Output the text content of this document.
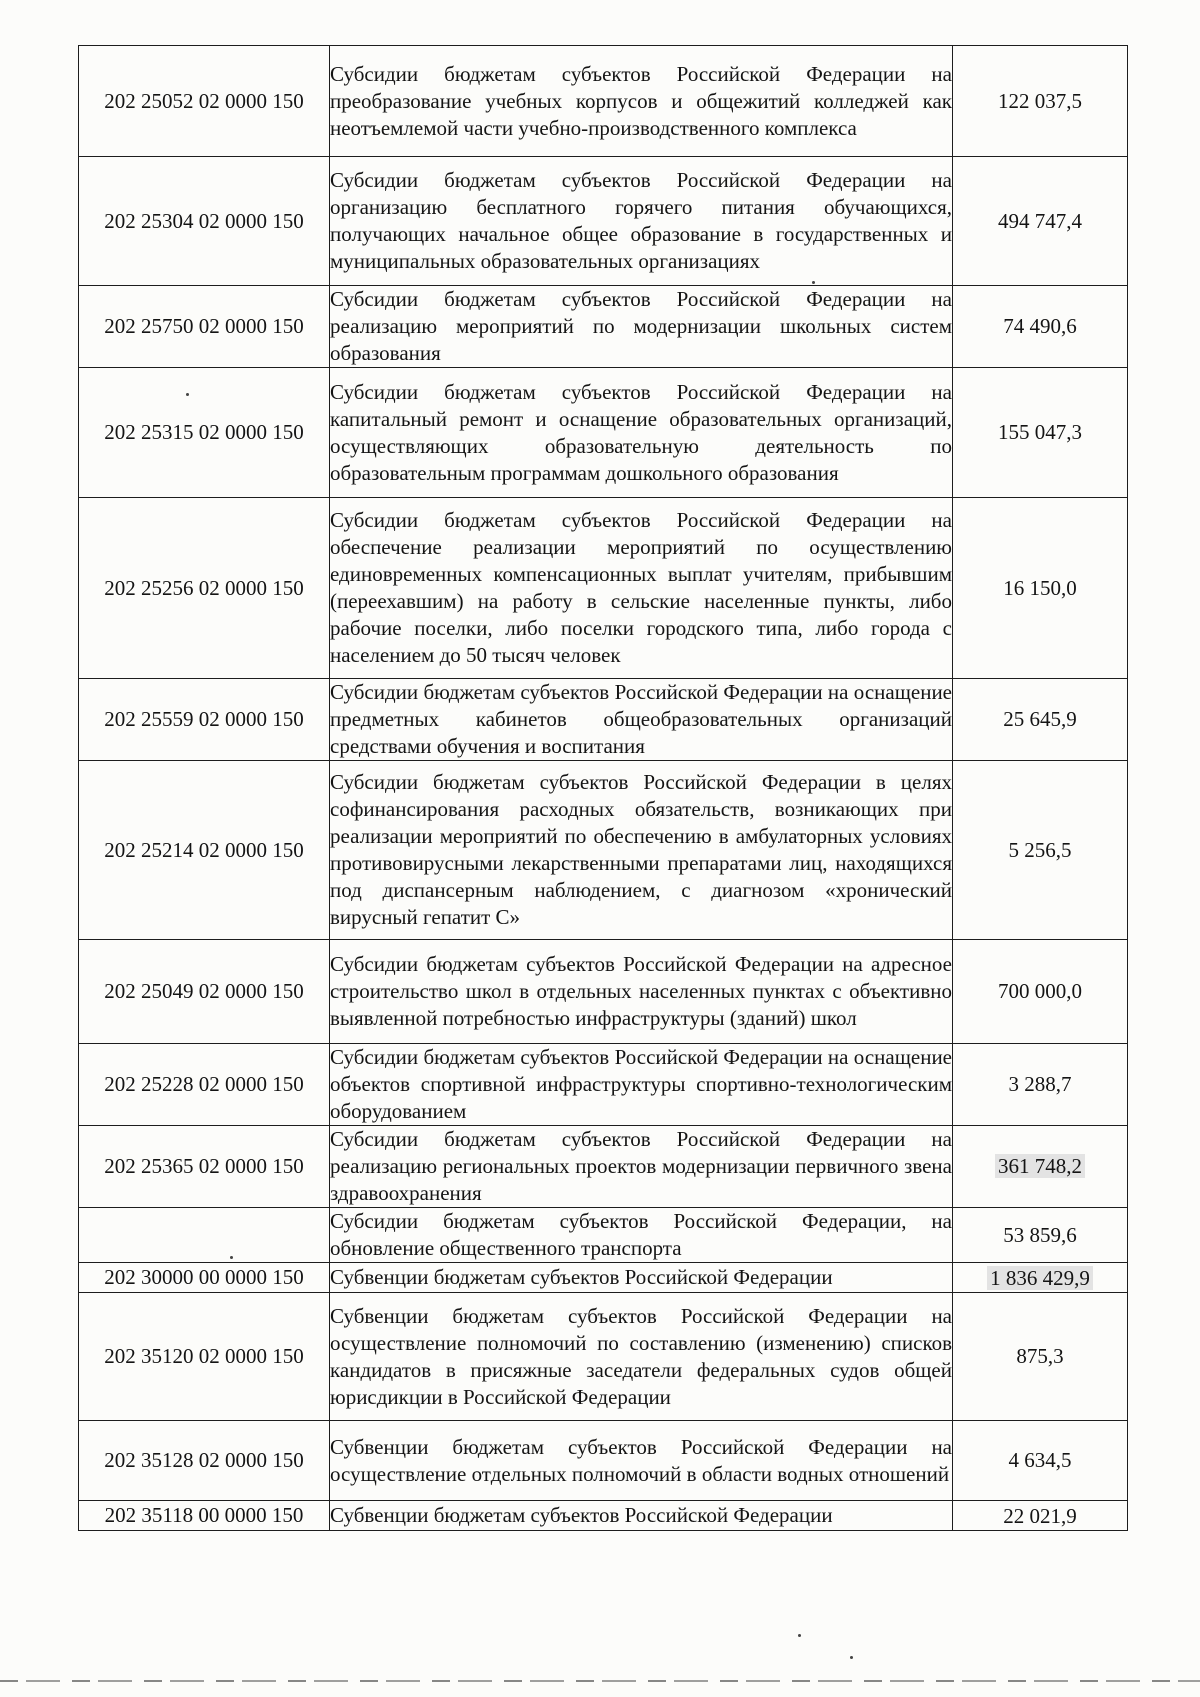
202 25052 02 0000 150	Субсидии бюджетам субъектов Российской Федерации на преобразование учебных корпусов и общежитий колледжей как неотъемлемой части учебно-производственного комплекса	122 037,5
202 25304 02 0000 150	Субсидии бюджетам субъектов Российской Федерации на организацию бесплатного горячего питания обучающихся, получающих начальное общее образование в государственных и муниципальных образовательных организациях	494 747,4
202 25750 02 0000 150	Субсидии бюджетам субъектов Российской Федерации на реализацию мероприятий по модернизации школьных систем образования	74 490,6
202 25315 02 0000 150	Субсидии бюджетам субъектов Российской Федерации на капитальный ремонт и оснащение образовательных организаций, осуществляющих образовательную деятельность по образовательным программам дошкольного образования	155 047,3
202 25256 02 0000 150	Субсидии бюджетам субъектов Российской Федерации на обеспечение реализации мероприятий по осуществлению единовременных компенсационных выплат учителям, прибывшим (переехавшим) на работу в сельские населенные пункты, либо рабочие поселки, либо поселки городского типа, либо города с населением до 50 тысяч человек	16 150,0
202 25559 02 0000 150	Субсидии бюджетам субъектов Российской Федерации на оснащение предметных кабинетов общеобразовательных организаций средствами обучения и воспитания	25 645,9
202 25214 02 0000 150	Субсидии бюджетам субъектов Российской Федерации в целях софинансирования расходных обязательств, возникающих при реализации мероприятий по обеспечению в амбулаторных условиях противовирусными лекарственными препаратами лиц, находящихся под диспансерным наблюдением, с диагнозом «хронический вирусный гепатит С»	5 256,5
202 25049 02 0000 150	Субсидии бюджетам субъектов Российской Федерации на адресное строительство школ в отдельных населенных пунктах с объективно выявленной потребностью инфраструктуры (зданий) школ	700 000,0
202 25228 02 0000 150	Субсидии бюджетам субъектов Российской Федерации на оснащение объектов спортивной инфраструктуры спортивно-технологическим оборудованием	3 288,7
202 25365 02 0000 150	Субсидии бюджетам субъектов Российской Федерации на реализацию региональных проектов модернизации первичного звена здравоохранения	361 748,2
	Субсидии бюджетам субъектов Российской Федерации, на обновление общественного транспорта	53 859,6
202 30000 00 0000 150	Субвенции бюджетам субъектов Российской Федерации	1 836 429,9
202 35120 02 0000 150	Субвенции бюджетам субъектов Российской Федерации на осуществление полномочий по составлению (изменению) списков кандидатов в присяжные заседатели федеральных судов общей юрисдикции в Российской Федерации	875,3
202 35128 02 0000 150	Субвенции бюджетам субъектов Российской Федерации на осуществление отдельных полномочий в области водных отношений	4 634,5
202 35118 00 0000 150	Субвенции бюджетам субъектов Российской Федерации	22 021,9
